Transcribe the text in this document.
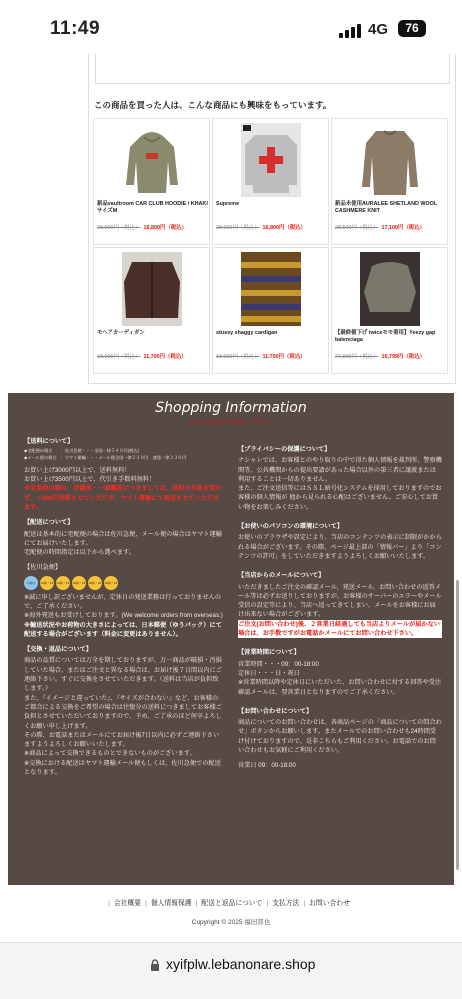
11:49	4G	76
この商品を買った人は、こんな商品にも興味をもっています。
新品vaultroom CAR CLUB HOODIE / KHAKI サイズM
28,000円（税込） 16,800円（税込）
Supreme
28,000円（税込） 16,800円（税込）
新品未使用AURALEE SHETLAND WOOL CASHMERE KNIT
28,500円（税込） 17,100円（税込）
モヘアカーディガン
18,000円（税込） 11,700円（税込）
stussy shaggy cardigan
18,000円（税込） 11,700円（税込）
【最終値下げ twiceモモ着用】Yeezy gap balenciaga
27,999円（税込） 16,799円（税込）
Shopping Information
ご注文の前に必ずお読みください。
【送料について】

◆宅配便の場合　　：佐川急便・・・全国一律５４０円(税込)

◆メール便の場合　：ヤマト運輸・・・メール便全国一律２２０円　速達一律３３０円

お買い上げ3000円以上で、送料無料！

お買い上げ3500円以上で、代引き手数料無料！

※宅急便の場合、沖縄県・一部離島につきましては、送料の有無を問わず、＋500円加算させていただき、ヤマト運輸にて発送させていただきます。

【配送について】

配送は基本的に宅配便の場合は佐川急便、メール便の場合はヤマト運輸にてお届けいたします。

宅配便の時間指定は以下から選べます。

【佐川急便】
午前中	12時～14 14時～16 16時～18 18時～20 19時～21

※誠に申し訳ございませんが、定休日の発送業務は行っておりませんので、ご了承ください。

※海外発送もお受けしております。(We welcome orders from overseas.)

※輸送状況やお荷物の大きさによっては、日本郵便（ゆうパック）にて配送する場合がございます（料金に変更はありません）。

【交換・返品について】

商品の品質については万全を期しておりますが、万一商品が破損・汚損していた場合、またはご注文と異なる場合は、お届け後７日間以内にご連絡下さい。すぐに交換をさせていただきます。（送料は当店が負担致します。）

また、『イメージと違っていた』、『サイズが合わない』など、お客様のご都合による交換をご希望の場合は往復分の送料につきましてお客様ご負担とさせていただいておりますので、予め、ご了承のほど何卒よろしくお願い申し上げます。

その際、お電話またはメールにてお届け後7日以内に必ずご連絡下さいますようよろしくお願いいたします。

※商品によって交換できるものとできないものがございます。

※交換における配送はヤマト運輸メール便もしくは、佐川急便での配送となります。

【プライバシーの保護について】

ナシャレでは、お客様とのやり取りの中で得た個人情報を裁判所、警察機関等、公共機関からの提出要請があった場合以外の第三者に譲渡または利用することは一切ありません。

また、ご注文送信等にはＳＳＬ暗号化システムを採用しておりますのでお客様の個人情報が 他から見られる心配はございません。ご安心してお買い物をお楽しみください。

【お使いのパソコンの環境について】

お使いのブラウザや設定により、当店のコンテンツの表示に制限がかかられる場合がございます。その際、ページ最上部の「情報バー」より「コンテンツの許可」をしていただきますようよろしくお願いいたします。

【当店からのメールについて】

いただきましたご注文の確認メール、発送メール、お問い合わせの返答メール等は必ずお送りしておりますが、お客様のサーバーのエラーやメール受信の設定等により、当店へ返ってきてしまい、メールをお客様にお届け出来ない場合がございます。

ご注文(お問い合わせ)後、２営業日経過しても当店よりメールが届かない場合は、お手数ですがお電話かメールにてお問い合わせ下さい。

【営業時間について】

営業時間・・・09：00-18:00

定休日・・・日・祝日

※営業時間以降や定休日にいただいた、お問い合わせに対する回答や受注確認メールは、翌営業日となりますのでご了承ください。

【お問い合わせについて】

商品についてのお問い合わせは、各商品ページの「商品についての問合わせ」ボタンからお願いします。またメールでのお問い合わせも24時間受け付けておりますので、是非こちらもご利用ください。お電話でのお問い合わせもお気軽にご利用ください。

営業日 09：00-18:00

| 会社概要 | 個人情報保護 | 配送と返品について | 支払方法 | お問い合わせ
Copyright © 2025 福田晋也
xyifplw.lebanonare.shop
